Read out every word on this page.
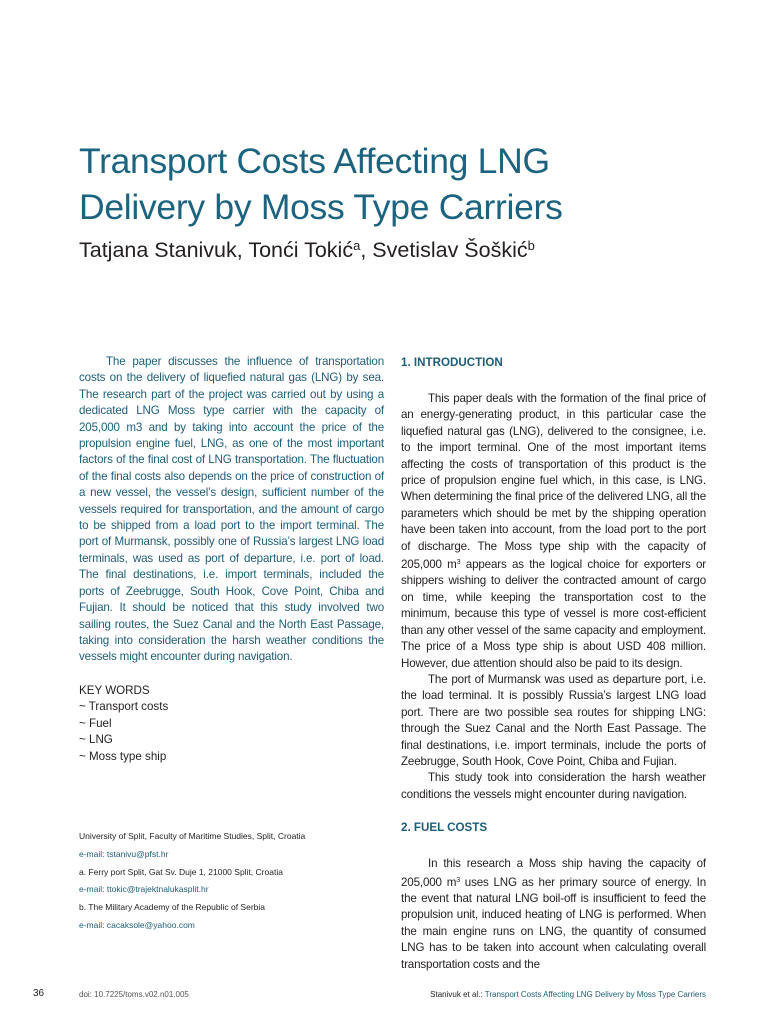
Transport Costs Affecting LNG
Delivery by Moss Type Carriers
Tatjana Stanivuk, Tonći Tokić$^a$, Svetislav Šoškić$^b$

The paper discusses the influence of transportation costs on the delivery of liquefied natural gas (LNG) by sea. The research part of the project was carried out by using a dedicated LNG Moss type carrier with the capacity of 205,000 m3 and by taking into account the price of the propulsion engine fuel, LNG, as one of the most important factors of the final cost of LNG transportation. The fluctuation of the final costs also depends on the price of construction of a new vessel, the vessel’s design, sufficient number of the vessels required for transportation, and the amount of cargo to be shipped from a load port to the import terminal. The port of Murmansk, possibly one of Russia’s largest LNG load terminals, was used as port of departure, i.e. port of load. The final destinations, i.e. import terminals, included the ports of Zeebrugge, South Hook, Cove Point, Chiba and Fujian. It should be noticed that this study involved two sailing routes, the Suez Canal and the North East Passage, taking into consideration the harsh weather conditions the vessels might encounter during navigation.

KEY WORDS
~ Transport costs
~ Fuel
~ LNG
~ Moss type ship
University of Split, Faculty of Maritime Studies, Split, Croatia
e-mail: tstanivu@pfst.hr
a. Ferry port Split, Gat Sv. Duje 1, 21000 Split, Croatia
e-mail: ttokic@trajektnalukasplit.hr
b. The Military Academy of the Republic of Serbia
e-mail: cacaksole@yahoo.com
1. INTRODUCTION

This paper deals with the formation of the final price of an energy-generating product, in this particular case the liquefied natural gas (LNG), delivered to the consignee, i.e. to the import terminal. One of the most important items affecting the costs of transportation of this product is the price of propulsion engine fuel which, in this case, is LNG. When determining the final price of the delivered LNG, all the parameters which should be met by the shipping operation have been taken into account, from the load port to the port of discharge. The Moss type ship with the capacity of 205,000 $m^3$ appears as the logical choice for exporters or shippers wishing to deliver the contracted amount of cargo on time, while keeping the transportation cost to the minimum, because this type of vessel is more cost-efficient than any other vessel of the same capacity and employment. The price of a Moss type ship is about USD 408 million. However, due attention should also be paid to its design.

The port of Murmansk was used as departure port, i.e. the load terminal. It is possibly Russia’s largest LNG load port. There are two possible sea routes for shipping LNG: through the Suez Canal and the North East Passage. The final destinations, i.e. import terminals, include the ports of Zeebrugge, South Hook, Cove Point, Chiba and Fujian.

This study took into consideration the harsh weather conditions the vessels might encounter during navigation.

2. FUEL COSTS

In this research a Moss ship having the capacity of 205,000 $m^3$ uses LNG as her primary source of energy. In the event that natural LNG boil-off is insufficient to feed the propulsion unit, induced heating of LNG is performed. When the main engine runs on LNG, the quantity of consumed LNG has to be taken into account when calculating overall transportation costs and the

36	doi: 10.7225/toms.v02.n01.005	Stanivuk et al.: Transport Costs Affecting LNG Delivery by Moss Type Carriers
